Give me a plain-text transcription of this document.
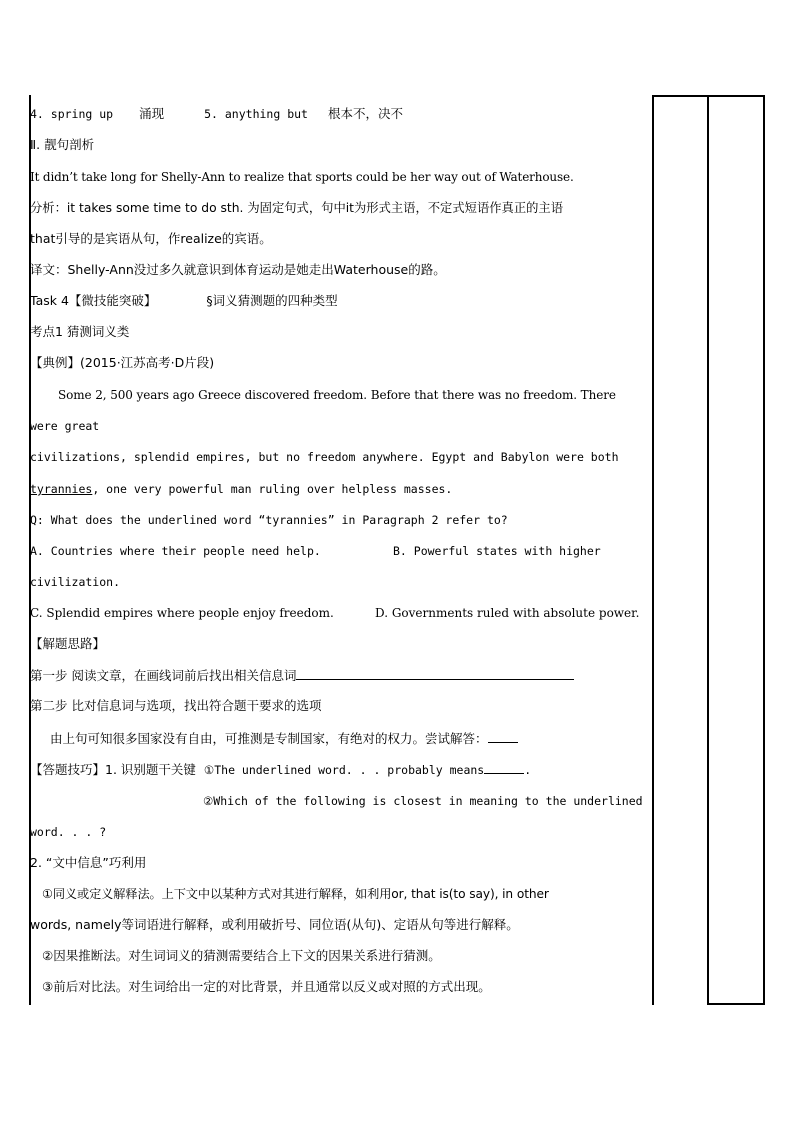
4. spring up 涌现	5. anything but 根本不，决不
Ⅱ. 靓句剖析
It didn’t take long for Shelly-Ann to realize that sports could be her way out of Waterhouse.
分析：it takes some time to do sth. 为固定句式，句中it为形式主语，不定式短语作真正的主语
that引导的是宾语从句，作realize的宾语。
译文：Shelly-Ann没过多久就意识到体育运动是她走出Waterhouse的路。
Task 4【微技能突破】	§词义猜测题的四种类型
考点1 猜测词义类
【典例】(2015·江苏高考·D片段)
Some 2, 500 years ago Greece discovered freedom. Before that there was no freedom. There
were great
civilizations, splendid empires, but no freedom anywhere. Egypt and Babylon were both
tyrannies, one very powerful man ruling over helpless masses.
Q: What does the underlined word “tyrannies” in Paragraph 2 refer to?
A. Countries where their people need help.	B. Powerful states with higher
civilization.
C. Splendid empires where people enjoy freedom.	D. Governments ruled with absolute power.
【解题思路】
第一步 阅读文章，在画线词前后找出相关信息词
第二步 比对信息词与选项，找出符合题干要求的选项
由上句可知很多国家没有自由，可推测是专制国家，有绝对的权力。尝试解答：
【答题技巧】1. 识别题干关键 ①The underlined word. . . probably means	.
②Which of the following is closest in meaning to the underlined
word. . . ?
2. “文中信息”巧利用
①同义或定义解释法。上下文中以某种方式对其进行解释，如利用or, that is(to say), in other
words, namely等词语进行解释，或利用破折号、同位语(从句)、定语从句等进行解释。
②因果推断法。对生词词义的猜测需要结合上下文的因果关系进行猜测。
③前后对比法。对生词给出一定的对比背景，并且通常以反义或对照的方式出现。
